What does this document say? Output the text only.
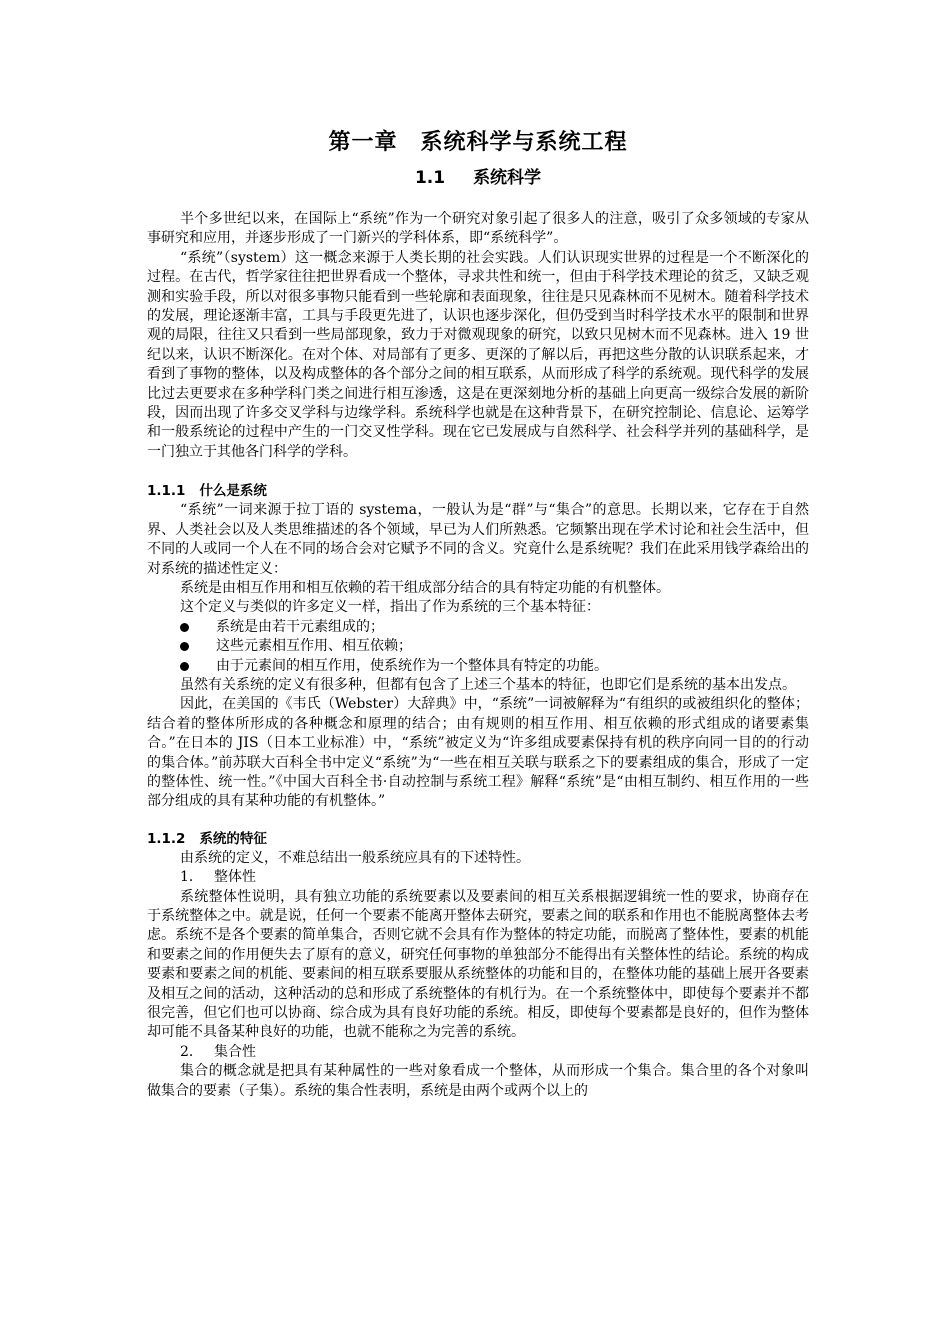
第一章　系统科学与系统工程
1.1 系统科学

半个多世纪以来，在国际上“系统”作为一个研究对象引起了很多人的注意，吸引了众多领域的专家从事研究和应用，并逐步形成了一门新兴的学科体系，即“系统科学”。

“系统”（system）这一概念来源于人类长期的社会实践。人们认识现实世界的过程是一个不断深化的过程。在古代，哲学家往往把世界看成一个整体，寻求共性和统一，但由于科学技术理论的贫乏，又缺乏观测和实验手段，所以对很多事物只能看到一些轮廓和表面现象，往往是只见森林而不见树木。随着科学技术的发展，理论逐渐丰富，工具与手段更先进了，认识也逐步深化，但仍受到当时科学技术水平的限制和世界观的局限，往往又只看到一些局部现象，致力于对微观现象的研究，以致只见树木而不见森林。进入 19 世纪以来，认识不断深化。在对个体、对局部有了更多、更深的了解以后，再把这些分散的认识联系起来，才看到了事物的整体，以及构成整体的各个部分之间的相互联系，从而形成了科学的系统观。现代科学的发展比过去更要求在多种学科门类之间进行相互渗透，这是在更深刻地分析的基础上向更高一级综合发展的新阶段，因而出现了许多交叉学科与边缘学科。系统科学也就是在这种背景下，在研究控制论、信息论、运筹学和一般系统论的过程中产生的一门交叉性学科。现在它已发展成与自然科学、社会科学并列的基础科学，是一门独立于其他各门科学的学科。

1.1.1 什么是系统

“系统”一词来源于拉丁语的 systema，一般认为是“群”与“集合”的意思。长期以来，它存在于自然界、人类社会以及人类思维描述的各个领域，早已为人们所熟悉。它频繁出现在学术讨论和社会生活中，但不同的人或同一个人在不同的场合会对它赋予不同的含义。究竟什么是系统呢？我们在此采用钱学森给出的对系统的描述性定义：

系统是由相互作用和相互依赖的若干组成部分结合的具有特定功能的有机整体。

这个定义与类似的许多定义一样，指出了作为系统的三个基本特征：

系统是由若干元素组成的；
这些元素相互作用、相互依赖；
由于元素间的相互作用，使系统作为一个整体具有特定的功能。

虽然有关系统的定义有很多种，但都有包含了上述三个基本的特征，也即它们是系统的基本出发点。

因此，在美国的《韦氏（Webster）大辞典》中，“系统”一词被解释为“有组织的或被组织化的整体；结合着的整体所形成的各种概念和原理的结合；由有规则的相互作用、相互依赖的形式组成的诸要素集合。”在日本的 JIS（日本工业标准）中，“系统”被定义为“许多组成要素保持有机的秩序向同一目的的行动的集合体。”前苏联大百科全书中定义“系统”为“一些在相互关联与联系之下的要素组成的集合，形成了一定的整体性、统一性。”《中国大百科全书·自动控制与系统工程》解释“系统”是“由相互制约、相互作用的一些部分组成的具有某种功能的有机整体。”

1.1.2 系统的特征

由系统的定义，不难总结出一般系统应具有的下述特性。

1． 整体性

系统整体性说明，具有独立功能的系统要素以及要素间的相互关系根据逻辑统一性的要求，协商存在于系统整体之中。就是说，任何一个要素不能离开整体去研究，要素之间的联系和作用也不能脱离整体去考虑。系统不是各个要素的简单集合，否则它就不会具有作为整体的特定功能，而脱离了整体性，要素的机能和要素之间的作用便失去了原有的意义，研究任何事物的单独部分不能得出有关整体性的结论。系统的构成要素和要素之间的机能、要素间的相互联系要服从系统整体的功能和目的，在整体功能的基础上展开各要素及相互之间的活动，这种活动的总和形成了系统整体的有机行为。在一个系统整体中，即使每个要素并不都很完善，但它们也可以协商、综合成为具有良好功能的系统。相反，即使每个要素都是良好的，但作为整体却可能不具备某种良好的功能，也就不能称之为完善的系统。

2． 集合性

集合的概念就是把具有某种属性的一些对象看成一个整体，从而形成一个集合。集合里的各个对象叫做集合的要素（子集）。系统的集合性表明，系统是由两个或两个以上的
